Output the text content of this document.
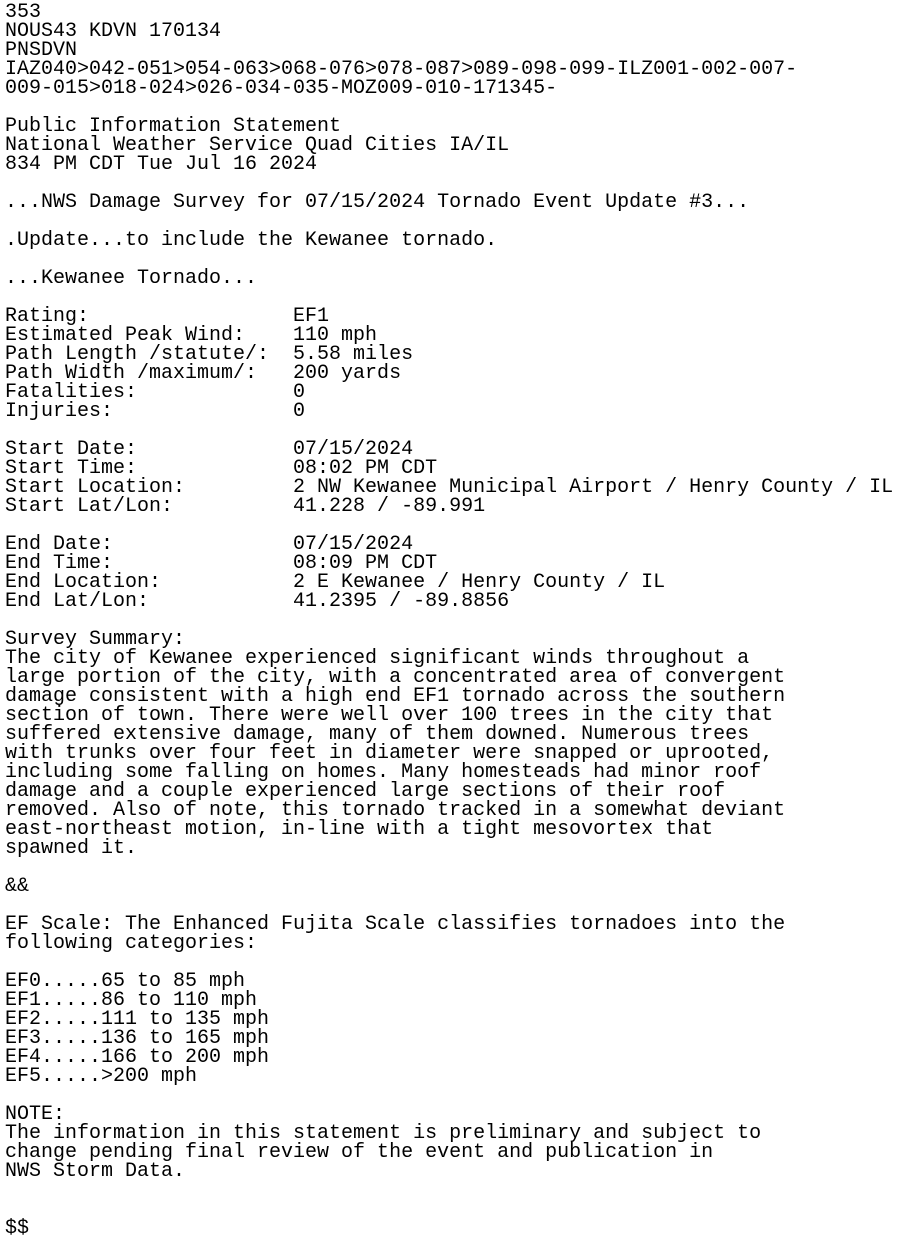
353
NOUS43 KDVN 170134
PNSDVN
IAZ040>042-051>054-063>068-076>078-087>089-098-099-ILZ001-002-007-
009-015>018-024>026-034-035-MOZ009-010-171345-
Public Information Statement
National Weather Service Quad Cities IA/IL
834 PM CDT Tue Jul 16 2024
...NWS Damage Survey for 07/15/2024 Tornado Event Update #3...
.Update...to include the Kewanee tornado.
...Kewanee Tornado...
Rating:                 EF1
Estimated Peak Wind:    110 mph
Path Length /statute/:  5.58 miles
Path Width /maximum/:   200 yards
Fatalities:             0
Injuries:               0
Start Date:             07/15/2024
Start Time:             08:02 PM CDT
Start Location:         2 NW Kewanee Municipal Airport / Henry County / IL
Start Lat/Lon:          41.228 / -89.991
End Date:               07/15/2024
End Time:               08:09 PM CDT
End Location:           2 E Kewanee / Henry County / IL
End Lat/Lon:            41.2395 / -89.8856
Survey Summary:
The city of Kewanee experienced significant winds throughout a
large portion of the city, with a concentrated area of convergent
damage consistent with a high end EF1 tornado across the southern
section of town. There were well over 100 trees in the city that
suffered extensive damage, many of them downed. Numerous trees
with trunks over four feet in diameter were snapped or uprooted,
including some falling on homes. Many homesteads had minor roof
damage and a couple experienced large sections of their roof
removed. Also of note, this tornado tracked in a somewhat deviant
east-northeast motion, in-line with a tight mesovortex that
spawned it.
&&
EF Scale: The Enhanced Fujita Scale classifies tornadoes into the
following categories:
EF0.....65 to 85 mph
EF1.....86 to 110 mph
EF2.....111 to 135 mph
EF3.....136 to 165 mph
EF4.....166 to 200 mph
EF5.....>200 mph
NOTE:
The information in this statement is preliminary and subject to
change pending final review of the event and publication in
NWS Storm Data.
$$
